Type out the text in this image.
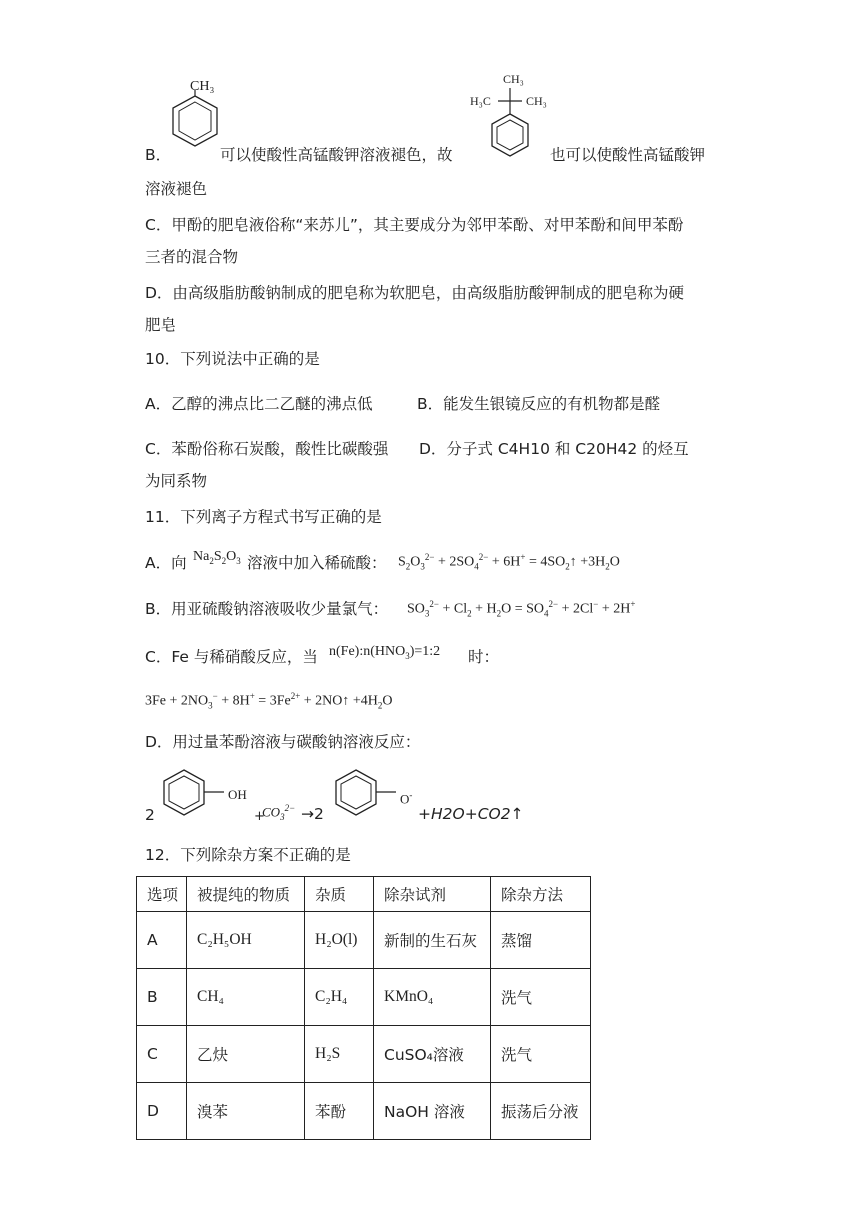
CH₃
B．	可以使酸性高锰酸钾溶液褪色，故
CH₃
H₃C	CH₃
也可以使酸性高锰酸钾
溶液褪色
C．甲酚的肥皂液俗称“来苏儿”，其主要成分为邻甲苯酚、对甲苯酚和间甲苯酚
三者的混合物
D．由高级脂肪酸钠制成的肥皂称为软肥皂，由高级脂肪酸钾制成的肥皂称为硬
肥皂
10．下列说法中正确的是
A．乙醇的沸点比二乙醚的沸点低	B．能发生银镜反应的有机物都是醛
C．苯酚俗称石炭酸，酸性比碳酸强 D．分子式 C4H10 和 C20H42 的烃互
为同系物
11．下列离子方程式书写正确的是
A．向 $Na_2S_2O_3$ 溶液中加入稀硫酸： $S_2O_3^{2-} + 2SO_4^{2-} + 6H^+$ = $4SO_2↑ +3H_2O$
B．用亚硫酸钠溶液吸收少量氯气： $SO_3^{2-} + Cl_2 + H_2O = SO_4^{2-} + 2Cl^- + 2H^+$
C．Fe 与稀硝酸反应，当 $n(Fe):n(HNO_3)=1:2$ 时：
$3Fe + 2NO_3^- + 8H^+ = 3Fe^{2+}$ + 2NO↑ $+4H_2O$
D．用过量苯酚溶液与碳酸钠溶液反应：
2
OH
+
$CO_3^{2-} \to 2$
O-
+H2O+CO2↑
12．下列除杂方案不正确的是
选项	被提纯的物质	杂质	除杂试剂	除杂方法
A	C₂H₅OH	H₂O(l)	新制的生石灰	蒸馏
B	CH₄	C₂H₄	KMnO₄	洗气
C	乙炔	H₂S	CuSO₄溶液	洗气
D	溴苯	苯酚	NaOH 溶液	振荡后分液
